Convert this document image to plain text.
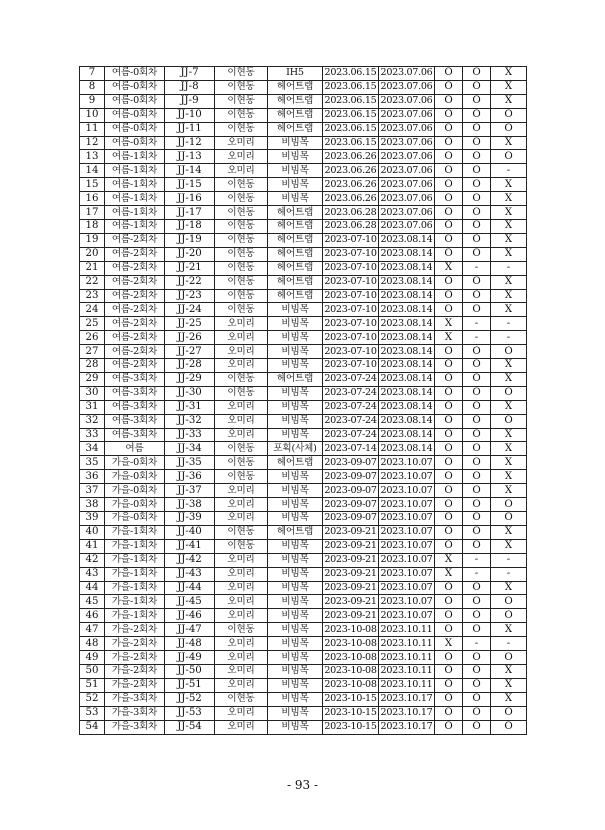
7	여름-0회차	JJ-7	이현동	IH5	2023.06.15	2023.07.06	O	O	X
8	여름-0회차	JJ-8	이현동	헤어트랩	2023.06.15	2023.07.06	O	O	X
9	여름-0회차	JJ-9	이현동	헤어트랩	2023.06.15	2023.07.06	O	O	X
10	여름-0회차	JJ-10	이현동	헤어트랩	2023.06.15	2023.07.06	O	O	O
11	여름-0회차	JJ-11	이현동	헤어트랩	2023.06.15	2023.07.06	O	O	O
12	여름-0회차	JJ-12	오미리	비빔목	2023.06.15	2023.07.06	O	O	X
13	여름-1회차	JJ-13	오미리	비빔목	2023.06.26	2023.07.06	O	O	O
14	여름-1회차	JJ-14	오미리	비빔목	2023.06.26	2023.07.06	O	O	-
15	여름-1회차	JJ-15	이현동	비빔목	2023.06.26	2023.07.06	O	O	X
16	여름-1회차	JJ-16	이현동	비빔목	2023.06.26	2023.07.06	O	O	X
17	여름-1회차	JJ-17	이현동	헤어트랩	2023.06.28	2023.07.06	O	O	X
18	여름-1회차	JJ-18	이현동	헤어트랩	2023.06.28	2023.07.06	O	O	X
19	여름-2회차	JJ-19	이현동	헤어트랩	2023-07-10	2023.08.14	O	O	X
20	여름-2회차	JJ-20	이현동	헤어트랩	2023-07-10	2023.08.14	O	O	X
21	여름-2회차	JJ-21	이현동	헤어트랩	2023-07-10	2023.08.14	X	-	-
22	여름-2회차	JJ-22	이현동	헤어트랩	2023-07-10	2023.08.14	O	O	X
23	여름-2회차	JJ-23	이현동	헤어트랩	2023-07-10	2023.08.14	O	O	X
24	여름-2회차	JJ-24	이현동	비빔목	2023-07-10	2023.08.14	O	O	X
25	여름-2회차	JJ-25	오미리	비빔목	2023-07-10	2023.08.14	X	-	-
26	여름-2회차	JJ-26	오미리	비빔목	2023-07-10	2023.08.14	X	-	-
27	여름-2회차	JJ-27	오미리	비빔목	2023-07-10	2023.08.14	O	O	O
28	여름-2회차	JJ-28	오미리	비빔목	2023-07-10	2023.08.14	O	O	X
29	여름-3회차	JJ-29	이현동	헤어트랩	2023-07-24	2023.08.14	O	O	X
30	여름-3회차	JJ-30	이현동	비빔목	2023-07-24	2023.08.14	O	O	O
31	여름-3회차	JJ-31	오미리	비빔목	2023-07-24	2023.08.14	O	O	X
32	여름-3회차	JJ-32	오미리	비빔목	2023-07-24	2023.08.14	O	O	O
33	여름-3회차	JJ-33	오미리	비빔목	2023-07-24	2023.08.14	O	O	X
34	여름	JJ-34	이현동	포획(사체)	2023-07-14	2023.08.14	O	O	X
35	가을-0회차	JJ-35	이현동	헤어트랩	2023-09-07	2023.10.07	O	O	X
36	가을-0회차	JJ-36	이현동	비빔목	2023-09-07	2023.10.07	O	O	X
37	가을-0회차	JJ-37	오미리	비빔목	2023-09-07	2023.10.07	O	O	X
38	가을-0회차	JJ-38	오미리	비빔목	2023-09-07	2023.10.07	O	O	O
39	가을-0회차	JJ-39	오미리	비빔목	2023-09-07	2023.10.07	O	O	O
40	가을-1회차	JJ-40	이현동	헤어트랩	2023-09-21	2023.10.07	O	O	X
41	가을-1회차	JJ-41	이현동	비빔목	2023-09-21	2023.10.07	O	O	X
42	가을-1회차	JJ-42	오미리	비빔목	2023-09-21	2023.10.07	X	-	-
43	가을-1회차	JJ-43	오미리	비빔목	2023-09-21	2023.10.07	X	-	-
44	가을-1회차	JJ-44	오미리	비빔목	2023-09-21	2023.10.07	O	O	X
45	가을-1회차	JJ-45	오미리	비빔목	2023-09-21	2023.10.07	O	O	O
46	가을-1회차	JJ-46	오미리	비빔목	2023-09-21	2023.10.07	O	O	O
47	가을-2회차	JJ-47	이현동	비빔목	2023-10-08	2023.10.11	O	O	X
48	가을-2회차	JJ-48	오미리	비빔목	2023-10-08	2023.10.11	X	-	-
49	가을-2회차	JJ-49	오미리	비빔목	2023-10-08	2023.10.11	O	O	O
50	가을-2회차	JJ-50	오미리	비빔목	2023-10-08	2023.10.11	O	O	X
51	가을-2회차	JJ-51	오미리	비빔목	2023-10-08	2023.10.11	O	O	X
52	가을-3회차	JJ-52	이현동	비빔목	2023-10-15	2023.10.17	O	O	X
53	가을-3회차	JJ-53	오미리	비빔목	2023-10-15	2023.10.17	O	O	O
54	가을-3회차	JJ-54	오미리	비빔목	2023-10-15	2023.10.17	O	O	O
- 93 -
